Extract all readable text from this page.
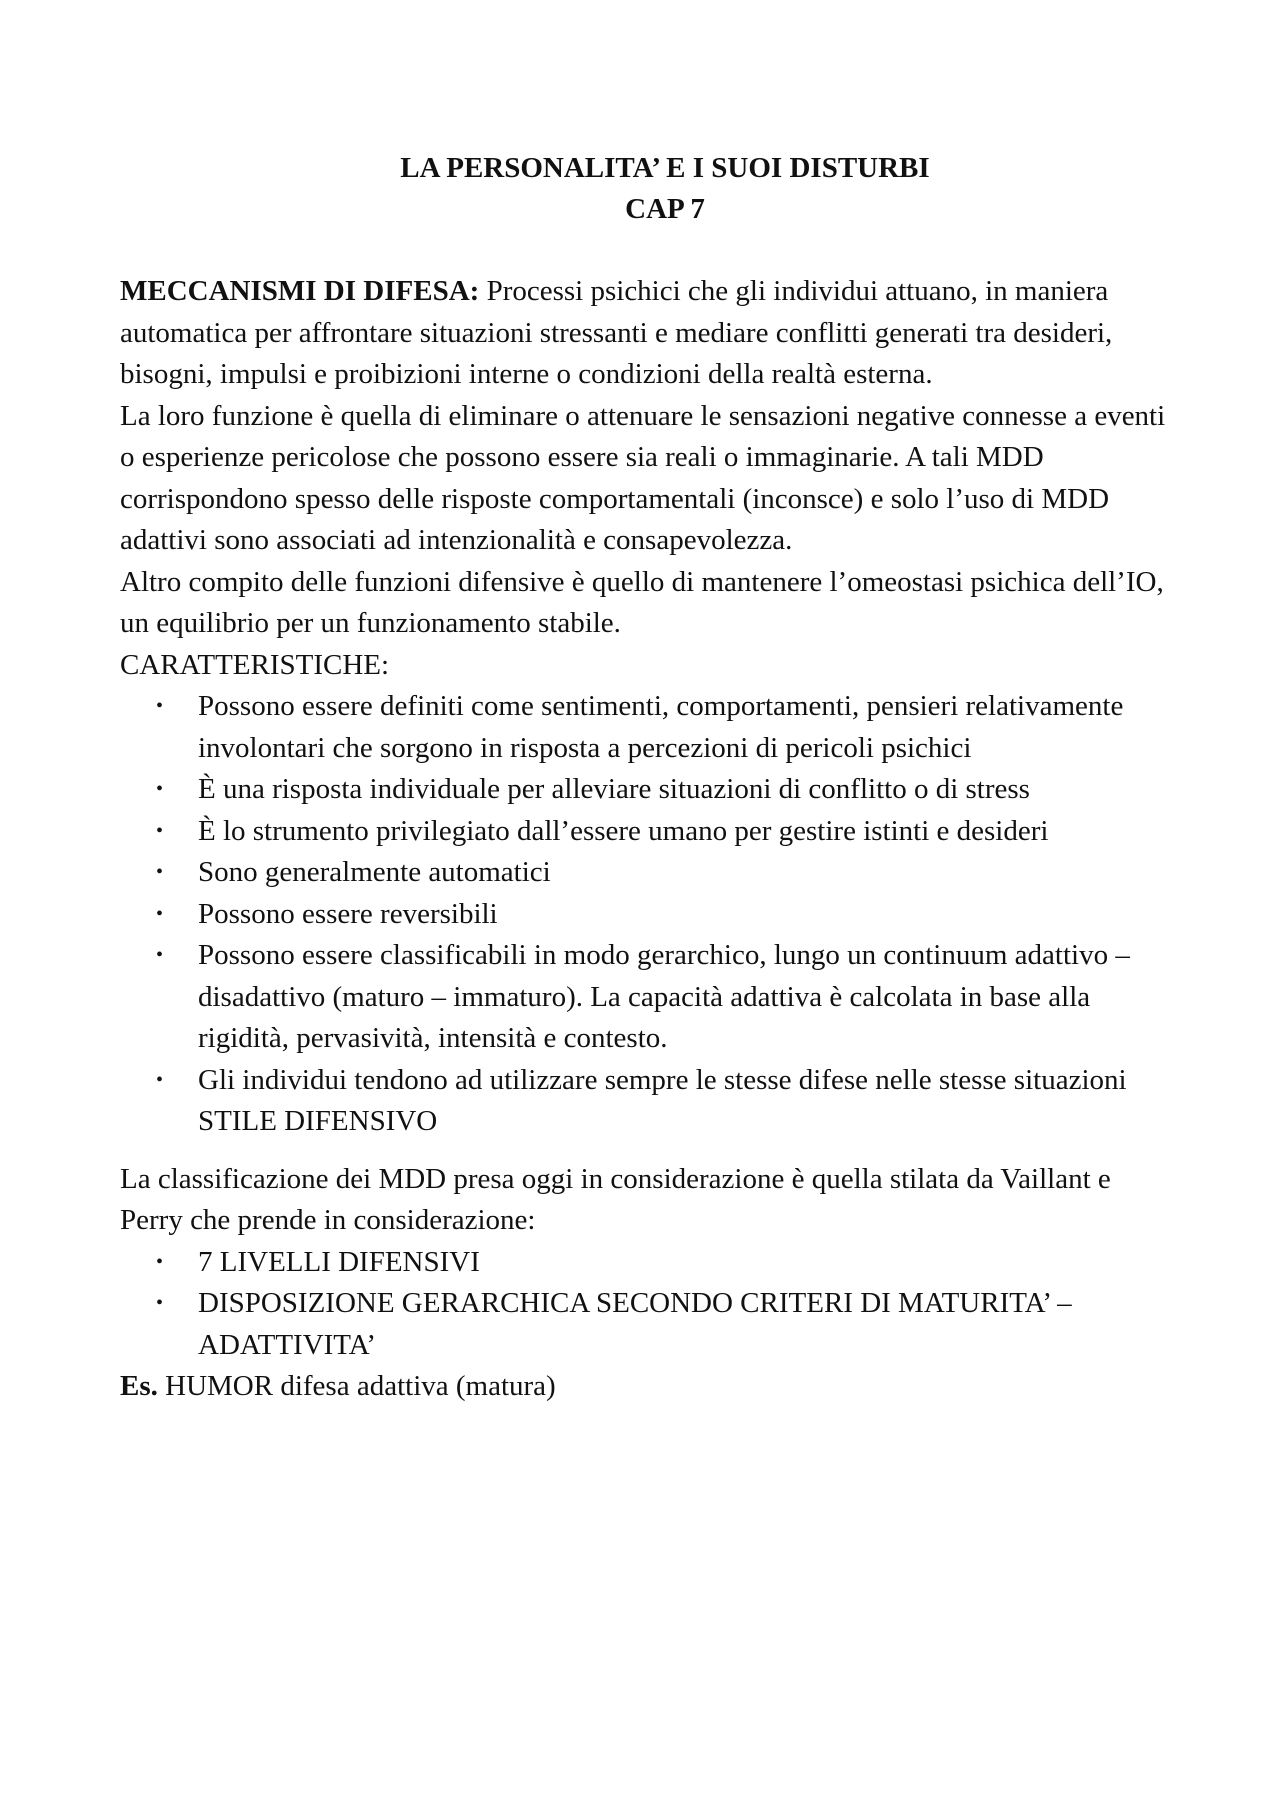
LA PERSONALITA’ E I SUOI DISTURBI

CAP 7

MECCANISMI DI DIFESA: Processi psichici che gli individui attuano, in maniera automatica per affrontare situazioni stressanti e mediare conflitti generati tra desideri, bisogni, impulsi e proibizioni interne o condizioni della realtà esterna.

La loro funzione è quella di eliminare o attenuare le sensazioni negative connesse a eventi o esperienze pericolose che possono essere sia reali o immaginarie. A tali MDD corrispondono spesso delle risposte comportamentali (inconsce) e solo l’uso di MDD adattivi sono associati ad intenzionalità e consapevolezza.

Altro compito delle funzioni difensive è quello di mantenere l’omeostasi psichica dell’IO, un equilibrio per un funzionamento stabile.

CARATTERISTICHE:

• Possono essere definiti come sentimenti, comportamenti, pensieri relativamente involontari che sorgono in risposta a percezioni di pericoli psichici
• È una risposta individuale per alleviare situazioni di conflitto o di stress
• È lo strumento privilegiato dall’essere umano per gestire istinti e desideri
• Sono generalmente automatici
• Possono essere reversibili
• Possono essere classificabili in modo gerarchico, lungo un continuum adattivo – disadattivo (maturo – immaturo). La capacità adattiva è calcolata in base alla rigidità, pervasività, intensità e contesto.
• Gli individui tendono ad utilizzare sempre le stesse difese nelle stesse situazioni STILE DIFENSIVO

La classificazione dei MDD presa oggi in considerazione è quella stilata da Vaillant e Perry che prende in considerazione:

• 7 LIVELLI DIFENSIVI
• DISPOSIZIONE GERARCHICA SECONDO CRITERI DI MATURITA’ – ADATTIVITA’

Es. HUMOR difesa adattiva (matura)
